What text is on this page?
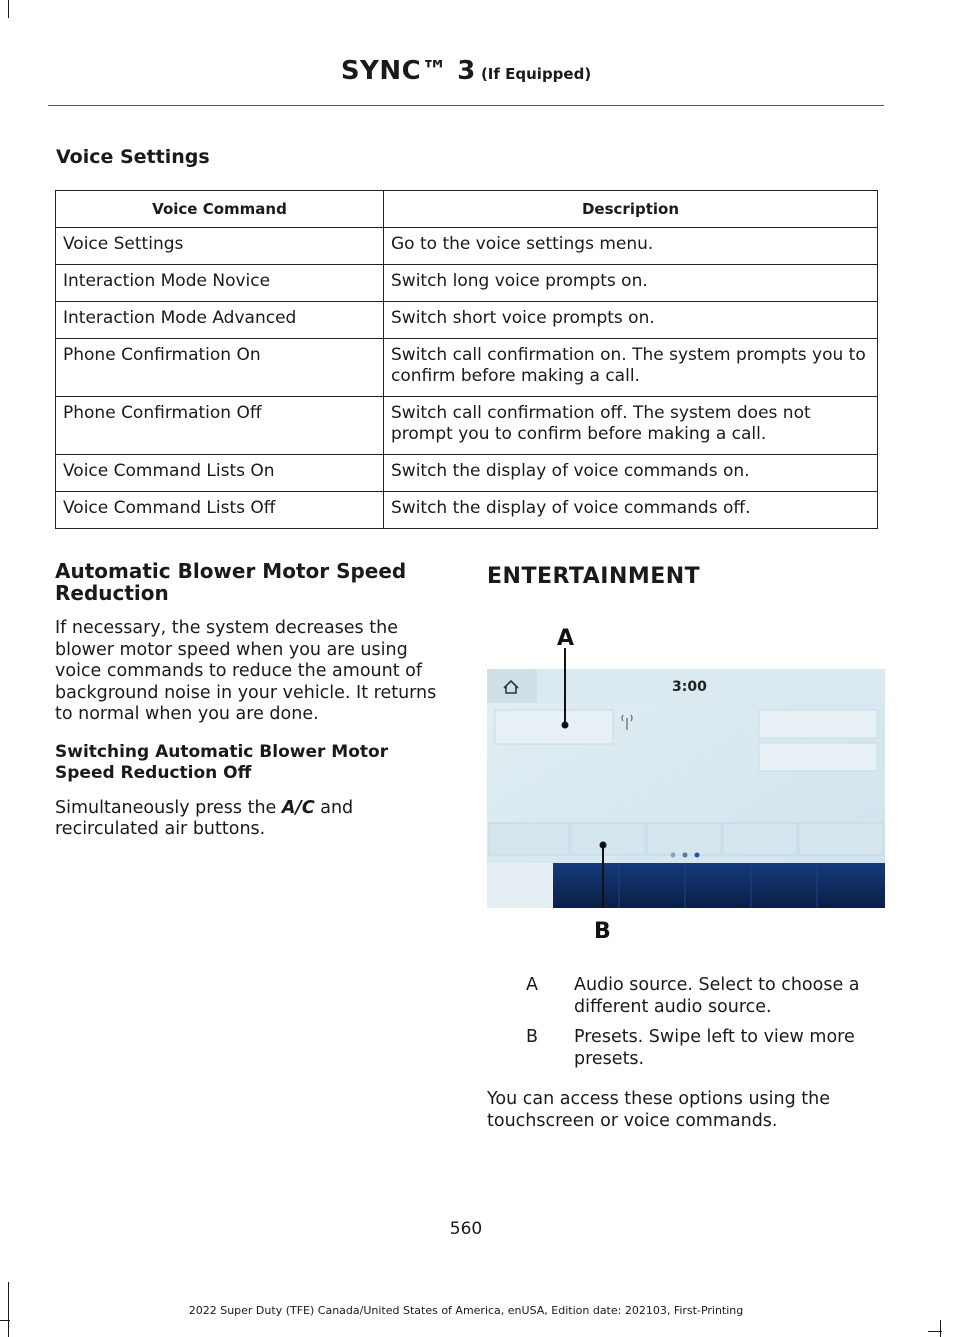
SYNC™ 3 (If Equipped)
Voice Settings
Voice Command	Description
Voice Settings	Go to the voice settings menu.
Interaction Mode Novice	Switch long voice prompts on.
Interaction Mode Advanced	Switch short voice prompts on.
Phone Confirmation On	Switch call confirmation on. The system prompts you to confirm before making a call.
Phone Confirmation Off	Switch call confirmation off. The system does not prompt you to confirm before making a call.
Voice Command Lists On	Switch the display of voice commands on.
Voice Command Lists Off	Switch the display of voice commands off.
Automatic Blower Motor Speed Reduction
If necessary, the system decreases the blower motor speed when you are using voice commands to reduce the amount of background noise in your vehicle. It returns to normal when you are done.
Switching Automatic Blower Motor Speed Reduction Off
Simultaneously press the A/C and recirculated air buttons.
ENTERTAINMENT
3:00
A
B
A Audio source. Select to choose a different audio source.
B Presets. Swipe left to view more presets.
You can access these options using the touchscreen or voice commands.
560
2022 Super Duty (TFE) Canada/United States of America, enUSA, Edition date: 202103, First-Printing
